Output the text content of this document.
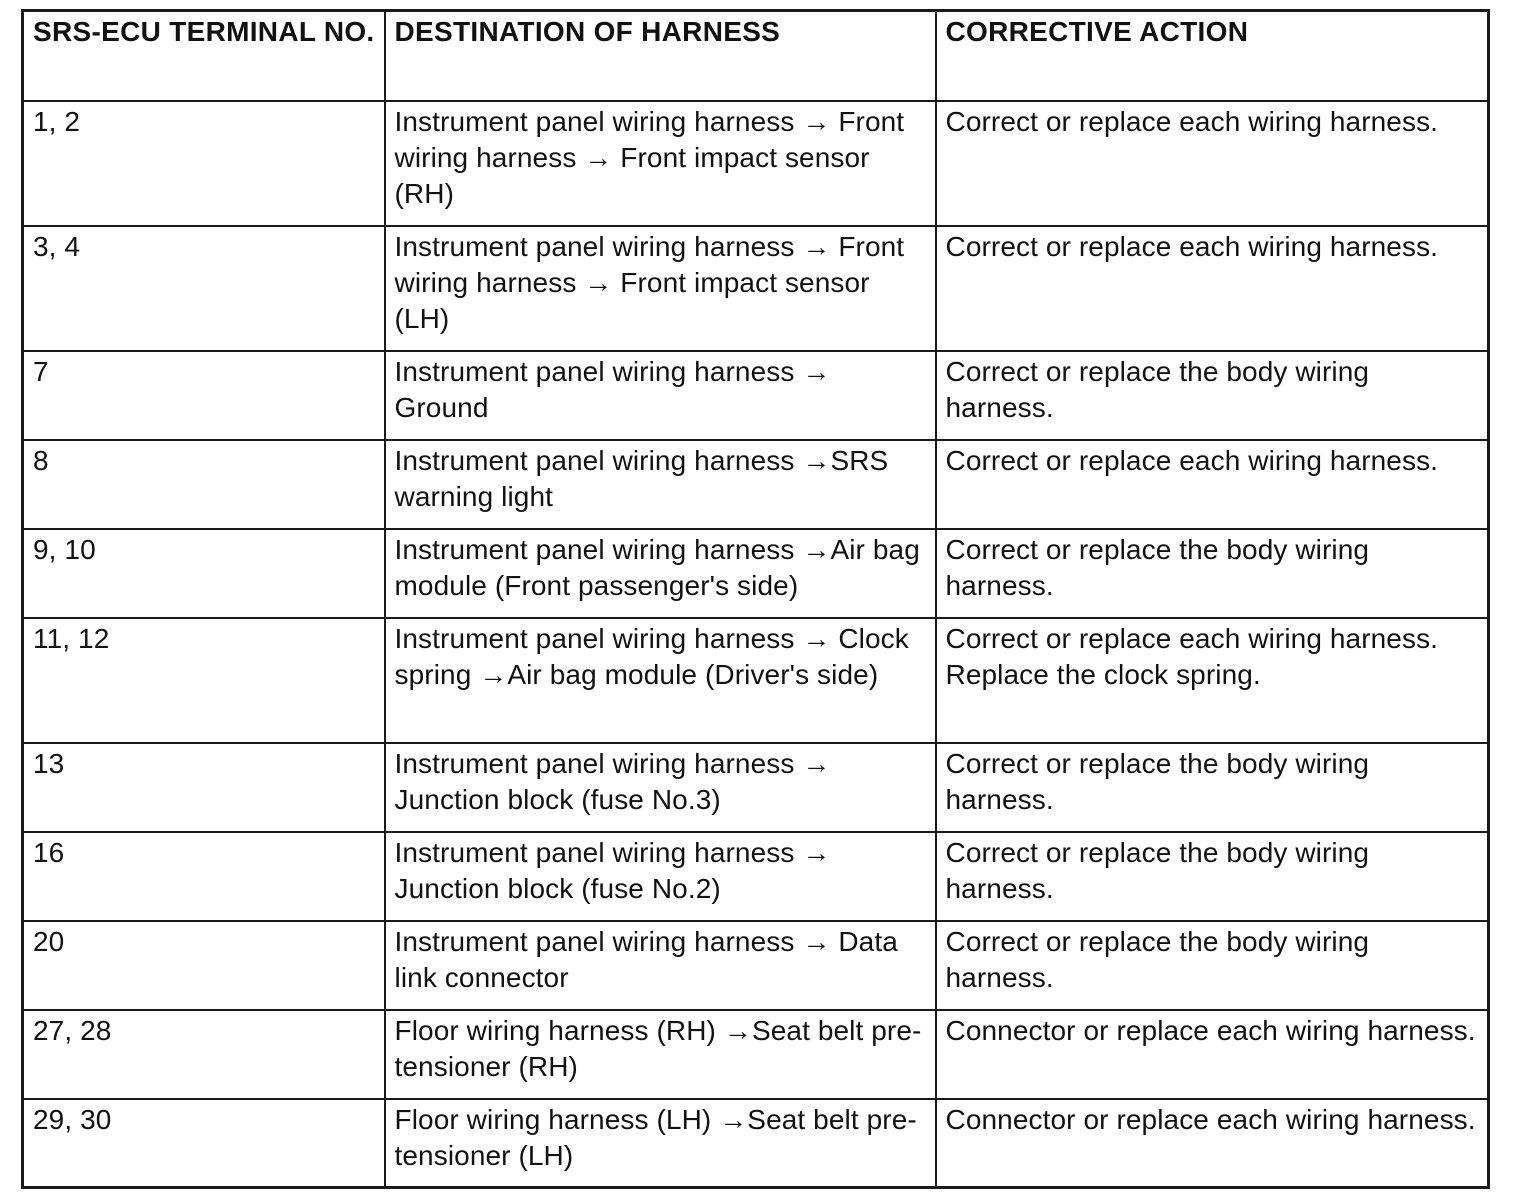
SRS-ECU TERMINAL NO.	DESTINATION OF HARNESS	CORRECTIVE ACTION
1, 2	Instrument panel wiring harness → Front wiring harness → Front impact sensor (RH)	Correct or replace each wiring harness.
3, 4	Instrument panel wiring harness → Front wiring harness → Front impact sensor (LH)	Correct or replace each wiring harness.
7	Instrument panel wiring harness → Ground	Correct or replace the body wiring harness.
8	Instrument panel wiring harness →SRS warning light	Correct or replace each wiring harness.
9, 10	Instrument panel wiring harness →Air bag module (Front passenger's side)	Correct or replace the body wiring harness.
11, 12	Instrument panel wiring harness → Clock spring →Air bag module (Driver's side)	Correct or replace each wiring harness. Replace the clock spring.
13	Instrument panel wiring harness → Junction block (fuse No.3)	Correct or replace the body wiring harness.
16	Instrument panel wiring harness → Junction block (fuse No.2)	Correct or replace the body wiring harness.
20	Instrument panel wiring harness → Data link connector	Correct or replace the body wiring harness.
27, 28	Floor wiring harness (RH) →Seat belt pre-tensioner (RH)	Connector or replace each wiring harness.
29, 30	Floor wiring harness (LH) →Seat belt pre-tensioner (LH)	Connector or replace each wiring harness.
